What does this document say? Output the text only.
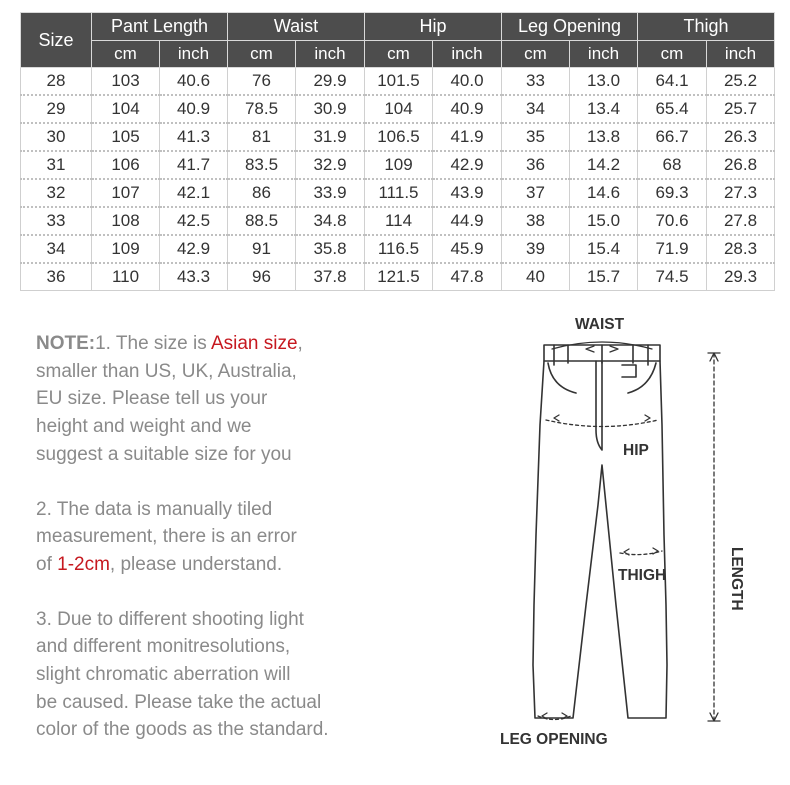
Size	Pant Length		Waist		Hip		Leg Opening		Thigh	
	cm	inch	cm	inch	cm	inch	cm	inch	cm	inch
28	103	40.6	76	29.9	101.5	40.0	33	13.0	64.1	25.2
29	104	40.9	78.5	30.9	104	40.9	34	13.4	65.4	25.7
30	105	41.3	81	31.9	106.5	41.9	35	13.8	66.7	26.3
31	106	41.7	83.5	32.9	109	42.9	36	14.2	68	26.8
32	107	42.1	86	33.9	111.5	43.9	37	14.6	69.3	27.3
33	108	42.5	88.5	34.8	114	44.9	38	15.0	70.6	27.8
34	109	42.9	91	35.8	116.5	45.9	39	15.4	71.9	28.3
36	110	43.3	96	37.8	121.5	47.8	40	15.7	74.5	29.3
NOTE:1. The size is Asian size,
smaller than US, UK, Australia,
EU size. Please tell us your
height and weight and we
suggest a suitable size for you
2. The data is manually tiled
measurement, there is an error
of 1-2cm, please understand.
3. Due to different shooting light
and different monitresolutions,
slight chromatic aberration will
be caused. Please take the actual
color of the goods as the standard.
WAIST
HIP
THIGH	LENGTH
LEG OPENING
